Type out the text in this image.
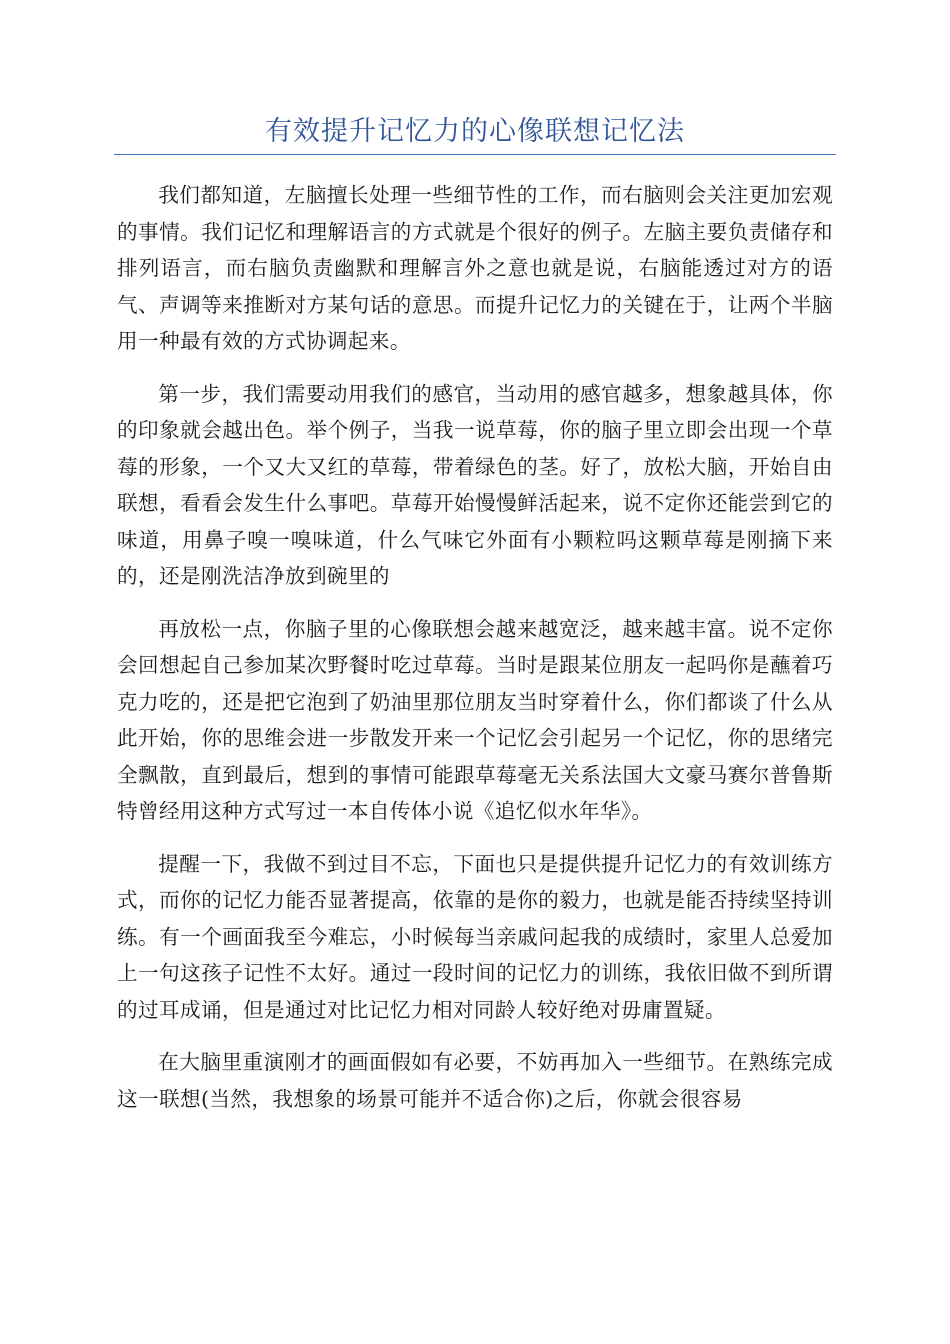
有效提升记忆力的心像联想记忆法

我们都知道，左脑擅长处理一些细节性的工作，而右脑则会关注更加宏观的事情。我们记忆和理解语言的方式就是个很好的例子。左脑主要负责储存和排列语言，而右脑负责幽默和理解言外之意也就是说，右脑能透过对方的语气、声调等来推断对方某句话的意思。而提升记忆力的关键在于，让两个半脑用一种最有效的方式协调起来。

第一步，我们需要动用我们的感官，当动用的感官越多，想象越具体，你的印象就会越出色。举个例子，当我一说草莓，你的脑子里立即会出现一个草莓的形象，一个又大又红的草莓，带着绿色的茎。好了，放松大脑，开始自由联想，看看会发生什么事吧。草莓开始慢慢鲜活起来，说不定你还能尝到它的味道，用鼻子嗅一嗅味道，什么气味它外面有小颗粒吗这颗草莓是刚摘下来的，还是刚洗洁净放到碗里的

再放松一点，你脑子里的心像联想会越来越宽泛，越来越丰富。说不定你会回想起自己参加某次野餐时吃过草莓。当时是跟某位朋友一起吗你是蘸着巧克力吃的，还是把它泡到了奶油里那位朋友当时穿着什么，你们都谈了什么从此开始，你的思维会进一步散发开来一个记忆会引起另一个记忆，你的思绪完全飘散，直到最后，想到的事情可能跟草莓毫无关系法国大文豪马赛尔普鲁斯特曾经用这种方式写过一本自传体小说《追忆似水年华》。

提醒一下，我做不到过目不忘，下面也只是提供提升记忆力的有效训练方式，而你的记忆力能否显著提高，依靠的是你的毅力，也就是能否持续坚持训练。有一个画面我至今难忘，小时候每当亲戚问起我的成绩时，家里人总爱加上一句这孩子记性不太好。通过一段时间的记忆力的训练，我依旧做不到所谓的过耳成诵，但是通过对比记忆力相对同龄人较好绝对毋庸置疑。

在大脑里重演刚才的画面假如有必要，不妨再加入一些细节。在熟练完成这一联想(当然，我想象的场景可能并不适合你)之后，你就会很容易
